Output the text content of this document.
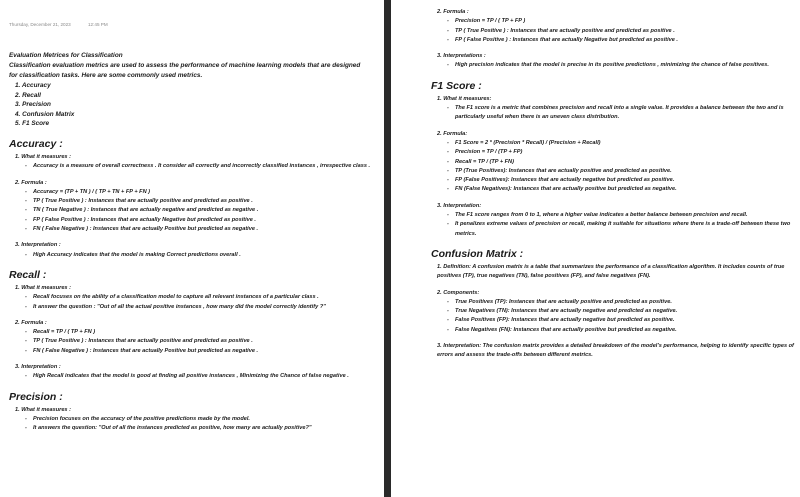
Thursday, December 21, 2023	12:45 PM
Evaluation Metrices for Classification
Classification evaluation metrics are used to assess the performance of machine learning models that are designed for classification tasks. Here are some commonly used metrics.
1. Accuracy
2. Recall
3. Precision
4. Confusion Matrix
5. F1 Score
Accuracy :
1. What it measures :
- Accuracy is a measure of overall correctness . It consider all correctly and incorrectly classified instances , irrespective class .
2. Formula :
- Accuracy = (TP + TN ) / ( TP + TN + FP + FN )
- TP ( True Positive ) : Instances that are actually positive and predicted as positive .
- TN ( True Negative ) : Instances that are actually negative and predicted as negative .
- FP ( False Positive ) : Instances that are actually Negative but predicted as positive .
- FN ( False Negative ) : Instances that are actually Positive but predicted as negative .
3. Interpretation :
- High Accuracy indicates that the model is making Correct predictions overall .
Recall :
1. What it measures :
- Recall focuses on the ability of a classification model to capture all relevant instances of a particular class .
- It answer the question : "Out of all the actual positive instances , how many did the model correctly identify ?"
2. Formula :
- Recall = TP / ( TP + FN )
- TP ( True Positive ) : Instances that are actually positive and predicted as positive .
- FN ( False Negative ) : Instances that are actually Positive but predicted as negative .
3. Interpretation :
- High Recall indicates that the model is good at finding all positive instances , Minimizing the Chance of false negative .
Precision :
1. What it measures :
- Precision focuses on the accuracy of the positive predictions made by the model.
- It answers the question: "Out of all the instances predicted as positive, how many are actually positive?"
2. Formula :
- Precision = TP / ( TP + FP )
- TP ( True Positive ) : Instances that are actually positive and predicted as positive .
- FP ( False Positive ) : Instances that are actually Negative but predicted as positive .
3. Interpretations :
- High precision indicates that the model is precise in its positive predictions , minimizing the chance of false positives.
F1 Score :
1. What it measures:
- The F1 score is a metric that combines precision and recall into a single value. It provides a balance between the two and is particularly useful when there is an uneven class distribution.
2. Formula:
- F1 Score = 2 * (Precision * Recall) / (Precision + Recall)
- Precision = TP / (TP + FP)
- Recall = TP / (TP + FN)
- TP (True Positives): Instances that are actually positive and predicted as positive.
- FP (False Positives): Instances that are actually negative but predicted as positive.
- FN (False Negatives): Instances that are actually positive but predicted as negative.
3. Interpretation:
- The F1 score ranges from 0 to 1, where a higher value indicates a better balance between precision and recall.
- It penalizes extreme values of precision or recall, making it suitable for situations where there is a trade-off between these two metrics.
Confusion Matrix :
1. Definition: A confusion matrix is a table that summarizes the performance of a classification algorithm. It includes counts of true positives (TP), true negatives (TN), false positives (FP), and false negatives (FN).
2. Components:
- True Positives (TP): Instances that are actually positive and predicted as positive.
- True Negatives (TN): Instances that are actually negative and predicted as negative.
- False Positives (FP): Instances that are actually negative but predicted as positive.
- False Negatives (FN): Instances that are actually positive but predicted as negative.
3. Interpretation: The confusion matrix provides a detailed breakdown of the model's performance, helping to identify specific types of errors and assess the trade-offs between different metrics.
